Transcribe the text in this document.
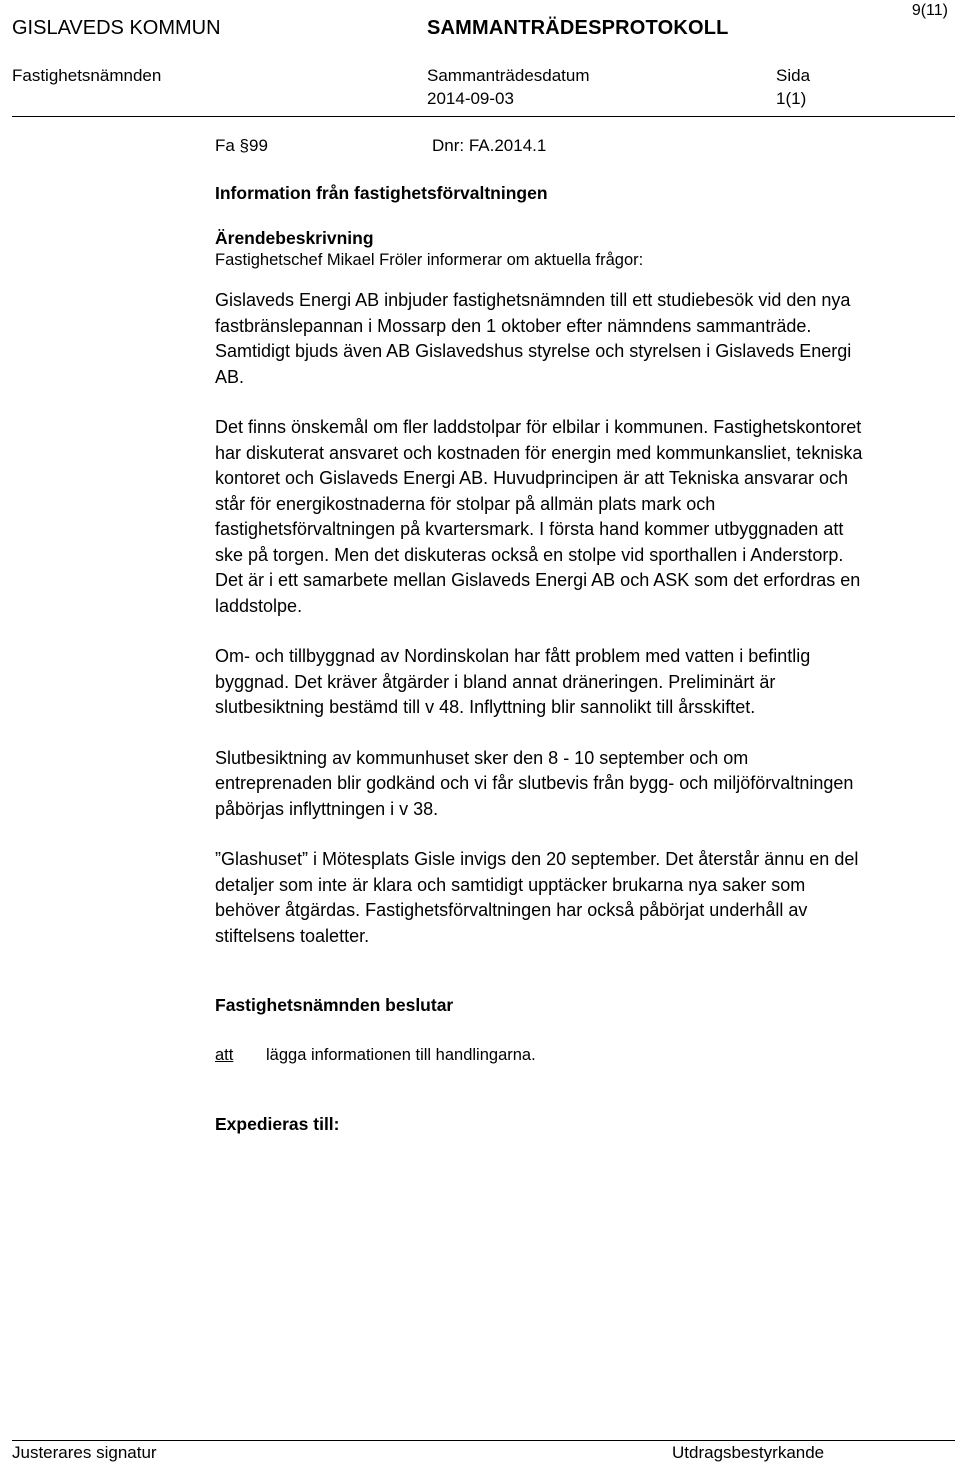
9(11)
GISLAVEDS KOMMUN	SAMMANTRÄDESPROTOKOLL
Fastighetsnämnden	Sammanträdesdatum	Sida
2014-09-03	1(1)
Fa §99	Dnr: FA.2014.1

Information från fastighetsförvaltningen

Ärendebeskrivning

Fastighetschef Mikael Fröler informerar om aktuella frågor:

Gislaveds Energi AB inbjuder fastighetsnämnden till ett studiebesök vid den nya fastbränslepannan i Mossarp den 1 oktober efter nämndens sammanträde. Samtidigt bjuds även AB Gislavedshus styrelse och styrelsen i Gislaveds Energi AB.

Det finns önskemål om fler laddstolpar för elbilar i kommunen. Fastighetskontoret har diskuterat ansvaret och kostnaden för energin med kommunkansliet, tekniska kontoret och Gislaveds Energi AB. Huvudprincipen är att Tekniska ansvarar och står för energikostnaderna för stolpar på allmän plats mark och fastighetsförvaltningen på kvartersmark. I första hand kommer utbyggnaden att ske på torgen. Men det diskuteras också en stolpe vid sporthallen i Anderstorp. Det är i ett samarbete mellan Gislaveds Energi AB och ASK som det erfordras en laddstolpe.

Om- och tillbyggnad av Nordinskolan har fått problem med vatten i befintlig byggnad. Det kräver åtgärder i bland annat dräneringen. Preliminärt är slutbesiktning bestämd till v 48. Inflyttning blir sannolikt till årsskiftet.

Slutbesiktning av kommunhuset sker den 8 - 10 september och om entreprenaden blir godkänd och vi får slutbevis från bygg- och miljöförvaltningen påbörjas inflyttningen i v 38.

”Glashuset” i Mötesplats Gisle invigs den 20 september. Det återstår ännu en del detaljer som inte är klara och samtidigt upptäcker brukarna nya saker som behöver åtgärdas. Fastighetsförvaltningen har också påbörjat underhåll av stiftelsens toaletter.

Fastighetsnämnden beslutar

att	lägga informationen till handlingarna.

Expedieras till:

Justerares signatur	Utdragsbestyrkande
